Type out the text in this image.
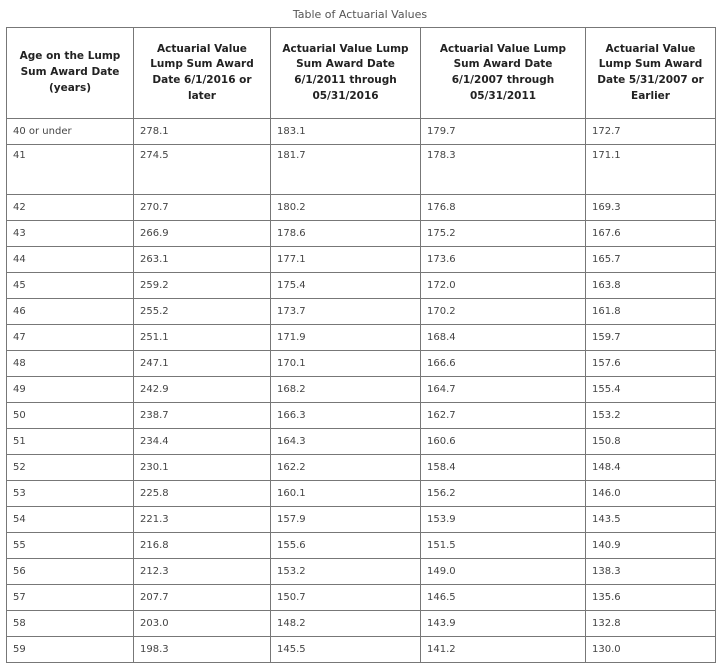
Table of Actuarial Values
Age on the Lump Sum Award Date (years)	Actuarial Value Lump Sum Award Date 6/1/2016 or later	Actuarial Value Lump Sum Award Date 6/1/2011 through 05/31/2016	Actuarial Value Lump Sum Award Date 6/1/2007 through 05/31/2011	Actuarial Value Lump Sum Award Date 5/31/2007 or Earlier
40 or under	278.1	183.1	179.7	172.7
41	274.5	181.7	178.3	171.1
42	270.7	180.2	176.8	169.3
43	266.9	178.6	175.2	167.6
44	263.1	177.1	173.6	165.7
45	259.2	175.4	172.0	163.8
46	255.2	173.7	170.2	161.8
47	251.1	171.9	168.4	159.7
48	247.1	170.1	166.6	157.6
49	242.9	168.2	164.7	155.4
50	238.7	166.3	162.7	153.2
51	234.4	164.3	160.6	150.8
52	230.1	162.2	158.4	148.4
53	225.8	160.1	156.2	146.0
54	221.3	157.9	153.9	143.5
55	216.8	155.6	151.5	140.9
56	212.3	153.2	149.0	138.3
57	207.7	150.7	146.5	135.6
58	203.0	148.2	143.9	132.8
59	198.3	145.5	141.2	130.0
